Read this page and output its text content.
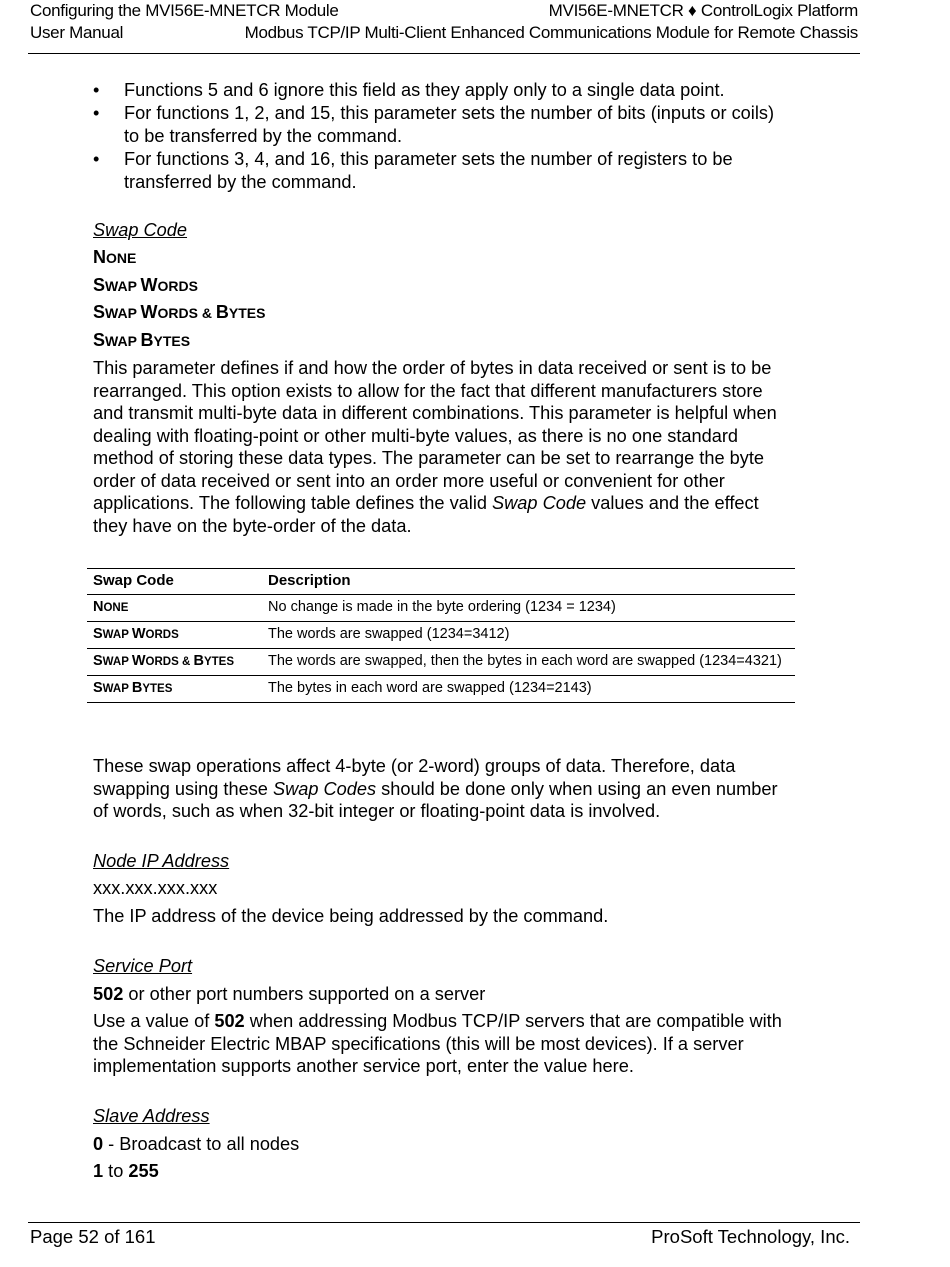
Configuring the MVI56E-MNETCR Module	MVI56E-MNETCR ♦ ControlLogix Platform
User Manual	Modbus TCP/IP Multi-Client Enhanced Communications Module for Remote Chassis
• Functions 5 and 6 ignore this field as they apply only to a single data point.
• For functions 1, 2, and 15, this parameter sets the number of bits (inputs or coils) to be transferred by the command.
• For functions 3, 4, and 16, this parameter sets the number of registers to be transferred by the command.
Swap Code
NONE
SWAP WORDS
SWAP WORDS & BYTES
SWAP BYTES
This parameter defines if and how the order of bytes in data received or sent is to be rearranged. This option exists to allow for the fact that different manufacturers store and transmit multi-byte data in different combinations. This parameter is helpful when dealing with floating-point or other multi-byte values, as there is no one standard method of storing these data types. The parameter can be set to rearrange the byte order of data received or sent into an order more useful or convenient for other applications. The following table defines the valid Swap Code values and the effect they have on the byte-order of the data.
Swap Code	Description
NONE	No change is made in the byte ordering (1234 = 1234)
SWAP WORDS	The words are swapped (1234=3412)
SWAP WORDS & BYTES	The words are swapped, then the bytes in each word are swapped (1234=4321)
SWAP BYTES	The bytes in each word are swapped (1234=2143)
These swap operations affect 4-byte (or 2-word) groups of data. Therefore, data swapping using these Swap Codes should be done only when using an even number of words, such as when 32-bit integer or floating-point data is involved.
Node IP Address
xxx.xxx.xxx.xxx
The IP address of the device being addressed by the command.
Service Port
502 or other port numbers supported on a server
Use a value of 502 when addressing Modbus TCP/IP servers that are compatible with the Schneider Electric MBAP specifications (this will be most devices). If a server implementation supports another service port, enter the value here.
Slave Address
0 - Broadcast to all nodes
1 to 255
Page 52 of 161	ProSoft Technology, Inc.
